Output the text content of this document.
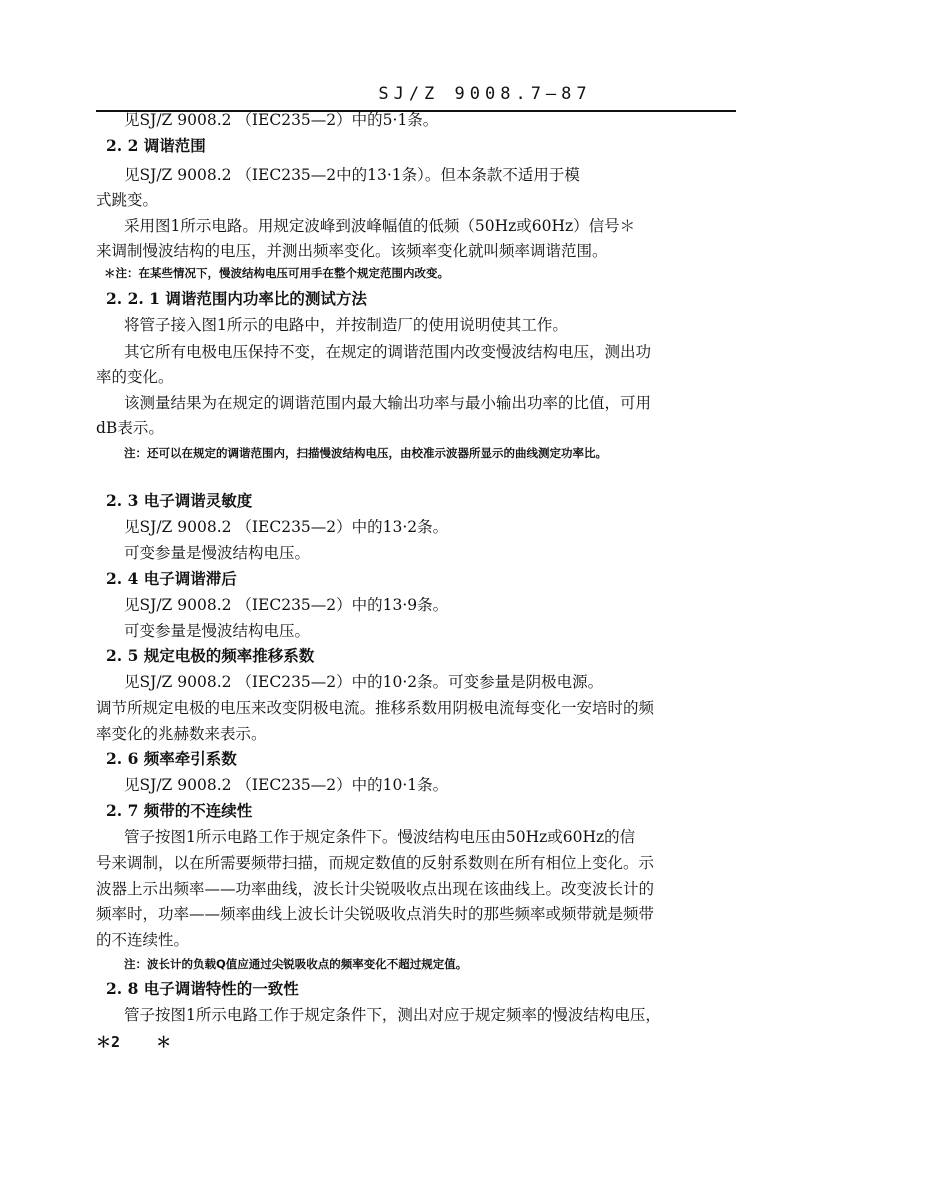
SJ/Z 9008.7—87
见SJ/Z 9008.2 （IEC235—2）中的5·1条。
2. 2 调谐范围
见SJ/Z 9008.2 （IEC235—2中的13·1条）。但本条款不适用于模
式跳变。
采用图1所示电路。用规定波峰到波峰幅值的低频（50Hz或60Hz）信号＊
来调制慢波结构的电压，并测出频率变化。该频率变化就叫频率调谐范围。
＊注：在某些情况下，慢波结构电压可用手在整个规定范围内改变。
2. 2. 1 调谐范围内功率比的测试方法
将管子接入图1所示的电路中，并按制造厂的使用说明使其工作。
其它所有电极电压保持不变，在规定的调谐范围内改变慢波结构电压，测出功
率的变化。
该测量结果为在规定的调谐范围内最大输出功率与最小输出功率的比值，可用
dB表示。
注：还可以在规定的调谐范围内，扫描慢波结构电压，由校准示波器所显示的曲线测定功率比。
2. 3 电子调谐灵敏度
见SJ/Z 9008.2 （IEC235—2）中的13·2条。
可变参量是慢波结构电压。
2. 4 电子调谐滞后
见SJ/Z 9008.2 （IEC235—2）中的13·9条。
可变参量是慢波结构电压。
2. 5 规定电极的频率推移系数
见SJ/Z 9008.2 （IEC235—2）中的10·2条。可变参量是阴极电源。
调节所规定电极的电压来改变阴极电流。推移系数用阴极电流每变化一安培时的频
率变化的兆赫数来表示。
2. 6 频率牵引系数
见SJ/Z 9008.2 （IEC235—2）中的10·1条。
2. 7 频带的不连续性
管子按图1所示电路工作于规定条件下。慢波结构电压由50Hz或60Hz的信
号来调制，以在所需要频带扫描，而规定数值的反射系数则在所有相位上变化。示
波器上示出频率——功率曲线，波长计尖锐吸收点出现在该曲线上。改变波长计的
频率时，功率——频率曲线上波长计尖锐吸收点消失时的那些频率或频带就是频带
的不连续性。
注：波长计的负载Q值应通过尖锐吸收点的频率变化不超过规定值。
2. 8 电子调谐特性的一致性
管子按图1所示电路工作于规定条件下，测出对应于规定频率的慢波结构电压，
＊2    ＊
